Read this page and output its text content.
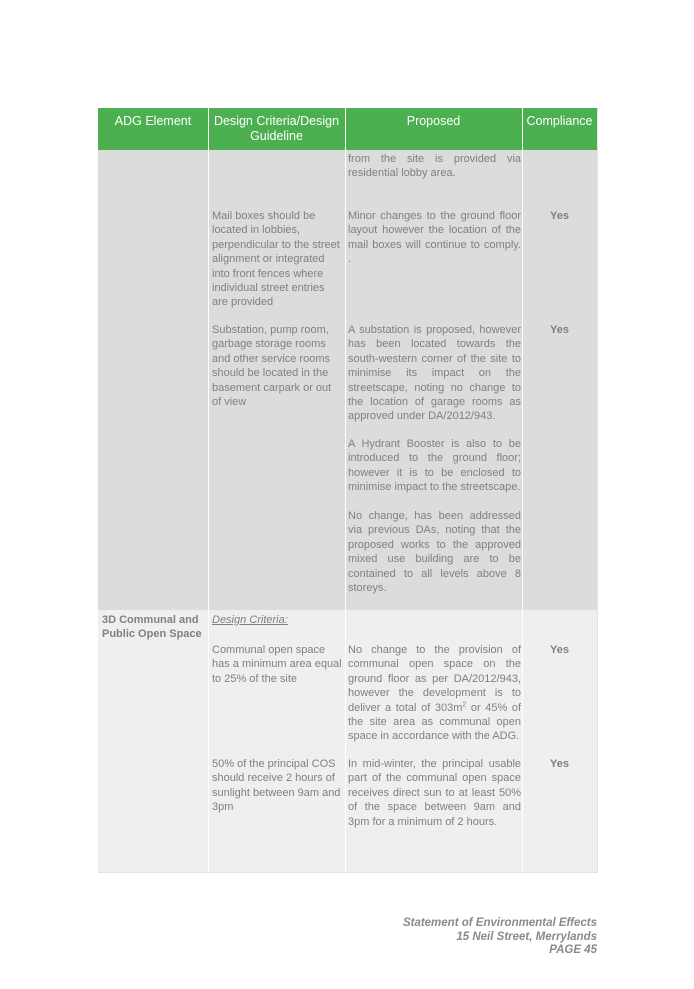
ADG Element	Design Criteria/Design Guideline
Proposed	Compliance
from the site is provided via residential lobby area.
Mail boxes should be located in lobbies, perpendicular to the street alignment or integrated into front fences where individual street entries are provided
Minor changes to the ground floor layout however the location of the mail boxes will continue to comply. .
Yes
Substation, pump room, garbage storage rooms and other service rooms should be located in the basement carpark or out of view
A substation is proposed, however has been located towards the south-western corner of the site to minimise its impact on the streetscape, noting no change to the location of garage rooms as approved under DA/2012/943.
A Hydrant Booster is also to be introduced to the ground floor; however it is to be enclosed to minimise impact to the streetscape.
No change, has been addressed via previous DAs, noting that the proposed works to the approved mixed use building are to be contained to all levels above 8 storeys.
Yes
3D Communal and Public Open Space
Design Criteria:
Communal open space has a minimum area equal to 25% of the site
No change to the provision of communal open space on the ground floor as per DA/2012/943, however the development is to deliver a total of $303m^2$ or 45% of the site area as communal open space in accordance with the ADG.
Yes
50% of the principal COS should receive 2 hours of sunlight between 9am and 3pm
In mid-winter, the principal usable part of the communal open space receives direct sun to at least 50% of the space between 9am and 3pm for a minimum of 2 hours.
Yes
Statement of Environmental Effects
15 Neil Street, Merrylands
PAGE 45
